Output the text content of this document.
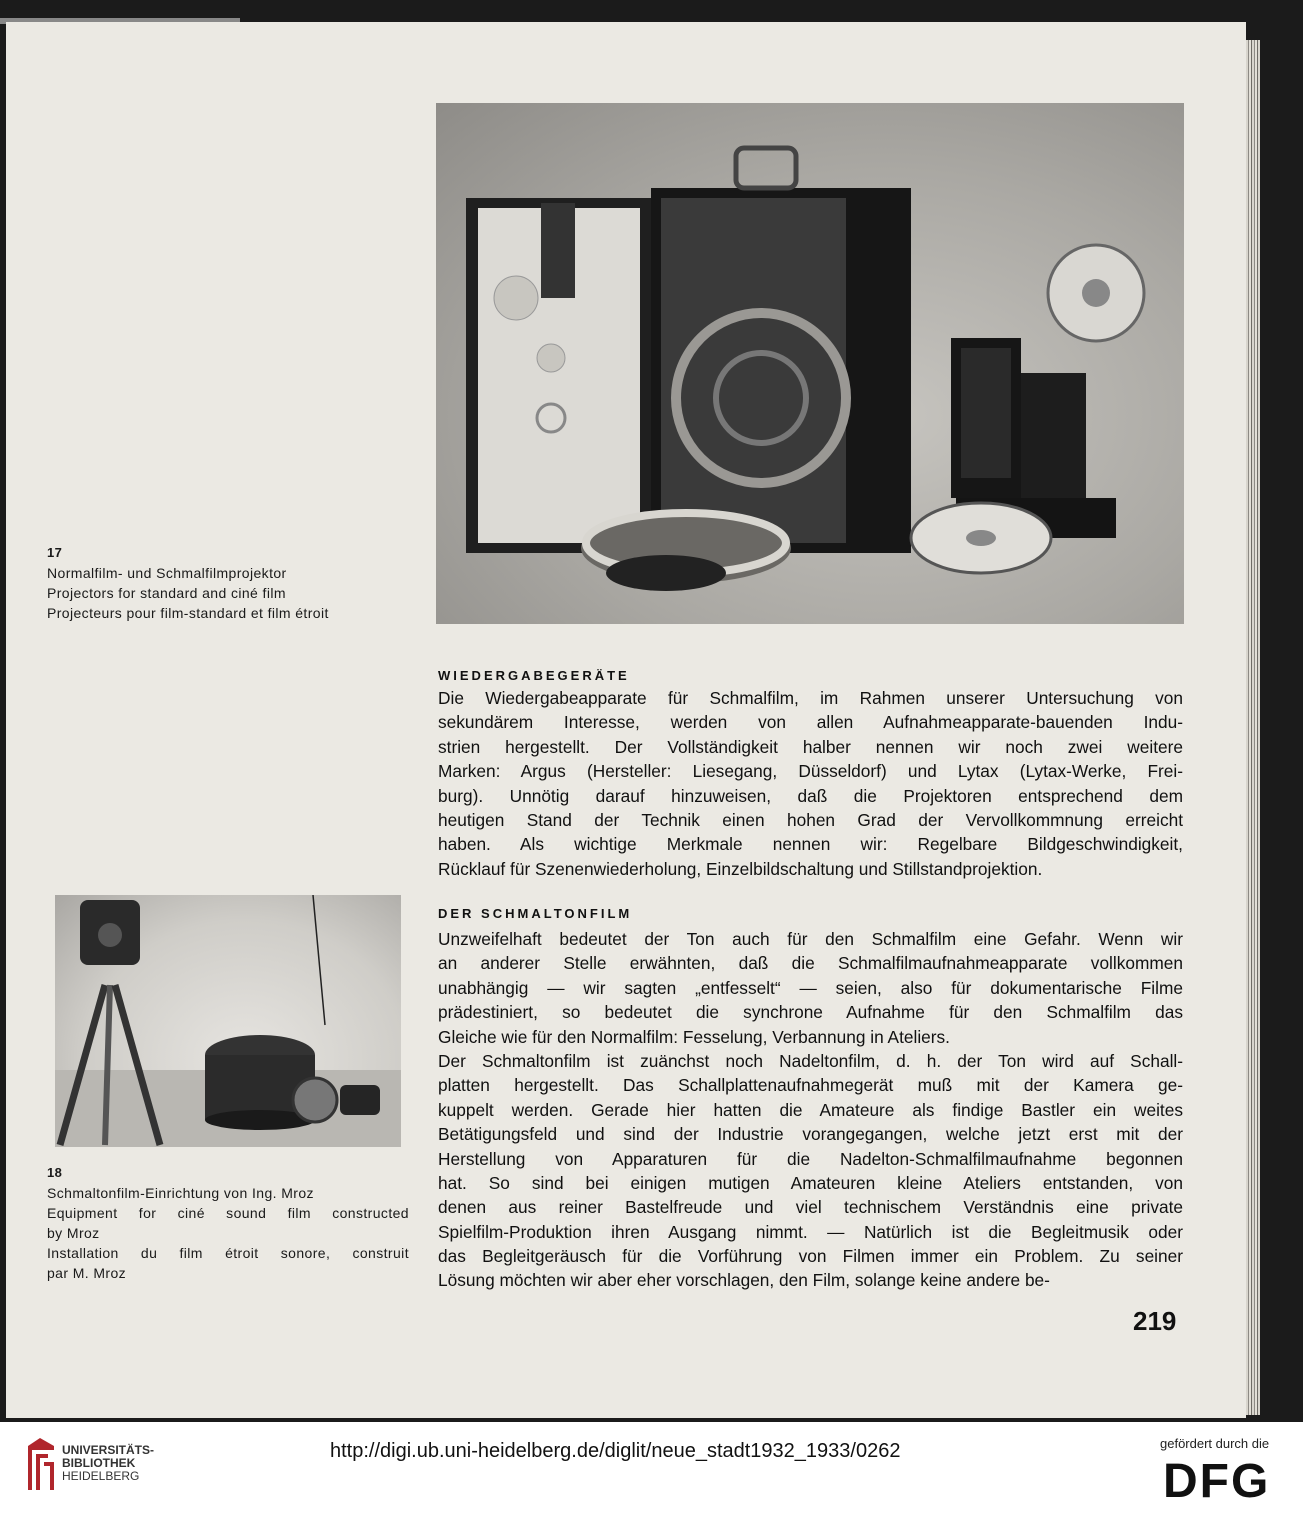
17
Normalfilm- und Schmalfilmprojektor
Projectors for standard and ciné film
Projecteurs pour film-standard et film étroit
WIEDERGABEGERÄTE
Die Wiedergabeapparate für Schmalfilm, im Rahmen unserer Untersuchung von
sekundärem Interesse, werden von allen Aufnahmeapparate-bauenden Indu-
strien hergestellt. Der Vollständigkeit halber nennen wir noch zwei weitere
Marken: Argus (Hersteller: Liesegang, Düsseldorf) und Lytax (Lytax-Werke, Frei-
burg). Unnötig darauf hinzuweisen, daß die Projektoren entsprechend dem
heutigen Stand der Technik einen hohen Grad der Vervollkommnung erreicht
haben. Als wichtige Merkmale nennen wir: Regelbare Bildgeschwindigkeit,
Rücklauf für Szenenwiederholung, Einzelbildschaltung und Stillstandprojektion.
DER SCHMALTONFILM
Unzweifelhaft bedeutet der Ton auch für den Schmalfilm eine Gefahr. Wenn wir
an anderer Stelle erwähnten, daß die Schmalfilmaufnahmeapparate vollkommen
unabhängig — wir sagten „entfesselt“ — seien, also für dokumentarische Filme
prädestiniert, so bedeutet die synchrone Aufnahme für den Schmalfilm das
Gleiche wie für den Normalfilm: Fesselung, Verbannung in Ateliers.
Der Schmaltonfilm ist zuänchst noch Nadeltonfilm, d. h. der Ton wird auf Schall-
platten hergestellt. Das Schallplattenaufnahmegerät muß mit der Kamera ge-
kuppelt werden. Gerade hier hatten die Amateure als findige Bastler ein weites
Betätigungsfeld und sind der Industrie vorangegangen, welche jetzt erst mit der
Herstellung von Apparaturen für die Nadelton-Schmalfilmaufnahme begonnen
hat. So sind bei einigen mutigen Amateuren kleine Ateliers entstanden, von
denen aus reiner Bastelfreude und viel technischem Verständnis eine private
Spielfilm-Produktion ihren Ausgang nimmt. — Natürlich ist die Begleitmusik oder
das Begleitgeräusch für die Vorführung von Filmen immer ein Problem. Zu seiner
Lösung möchten wir aber eher vorschlagen, den Film, solange keine andere be-
18
Schmaltonfilm-Einrichtung von Ing. Mroz
Equipment for ciné sound film constructed
by Mroz
Installation du film étroit sonore, construit
par M. Mroz
219
UNIVERSITÄTS-
BIBLIOTHEK
HEIDELBERG
http://digi.ub.uni-heidelberg.de/diglit/neue_stadt1932_1933/0262	gefördert durch die
DFG
